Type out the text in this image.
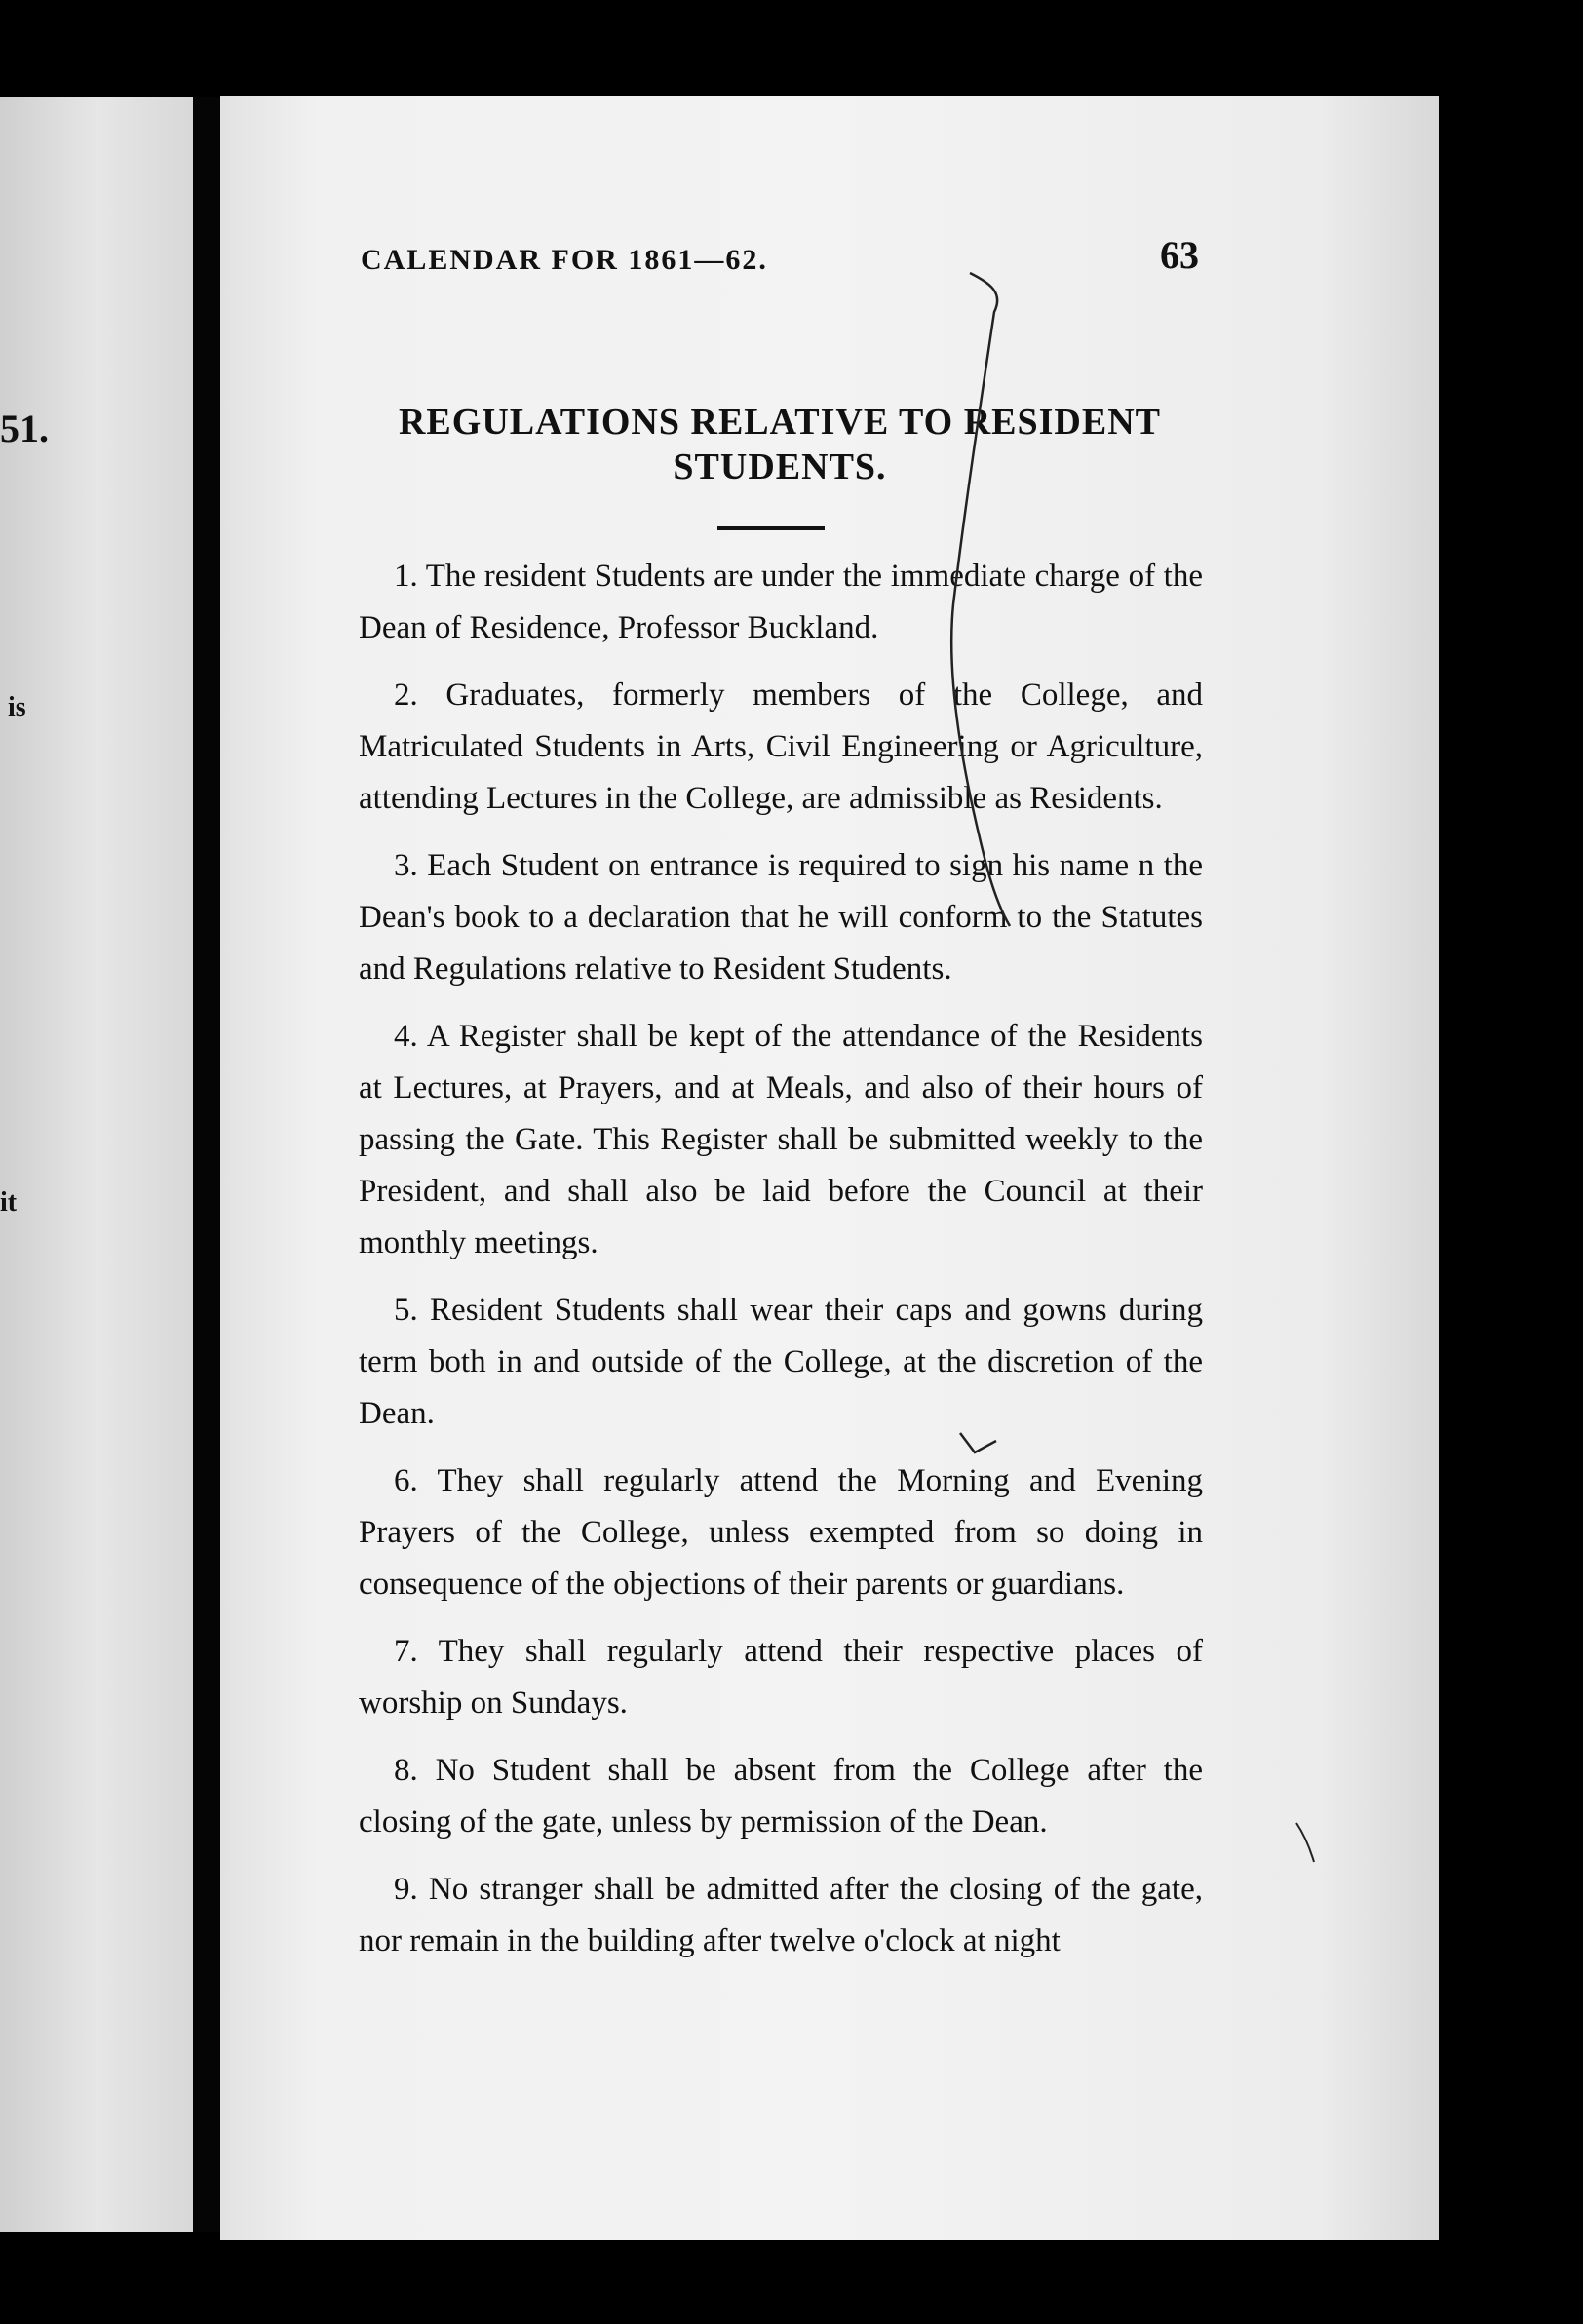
51.
is
it
CALENDAR FOR 1861—62.	63
REGULATIONS RELATIVE TO RESIDENT
STUDENTS.

1. The resident Students are under the immediate charge of the Dean of Residence, Professor Buckland.

2. Graduates, formerly members of the College, and Matriculated Students in Arts, Civil Engineering or Agriculture, attending Lectures in the College, are admissible as Residents.

3. Each Student on entrance is required to sign his name n the Dean's book to a declaration that he will conform to the Statutes and Regulations relative to Resident Students.

4. A Register shall be kept of the attendance of the Residents at Lectures, at Prayers, and at Meals, and also of their hours of passing the Gate. This Register shall be submitted weekly to the President, and shall also be laid before the Council at their monthly meetings.

5. Resident Students shall wear their caps and gowns during term both in and outside of the College, at the discretion of the Dean.

6. They shall regularly attend the Morning and Evening Prayers of the College, unless exempted from so doing in consequence of the objections of their parents or guardians.

7. They shall regularly attend their respective places of worship on Sundays.

8. No Student shall be absent from the College after the closing of the gate, unless by permission of the Dean.

9. No stranger shall be admitted after the closing of the gate, nor remain in the building after twelve o'clock at night
